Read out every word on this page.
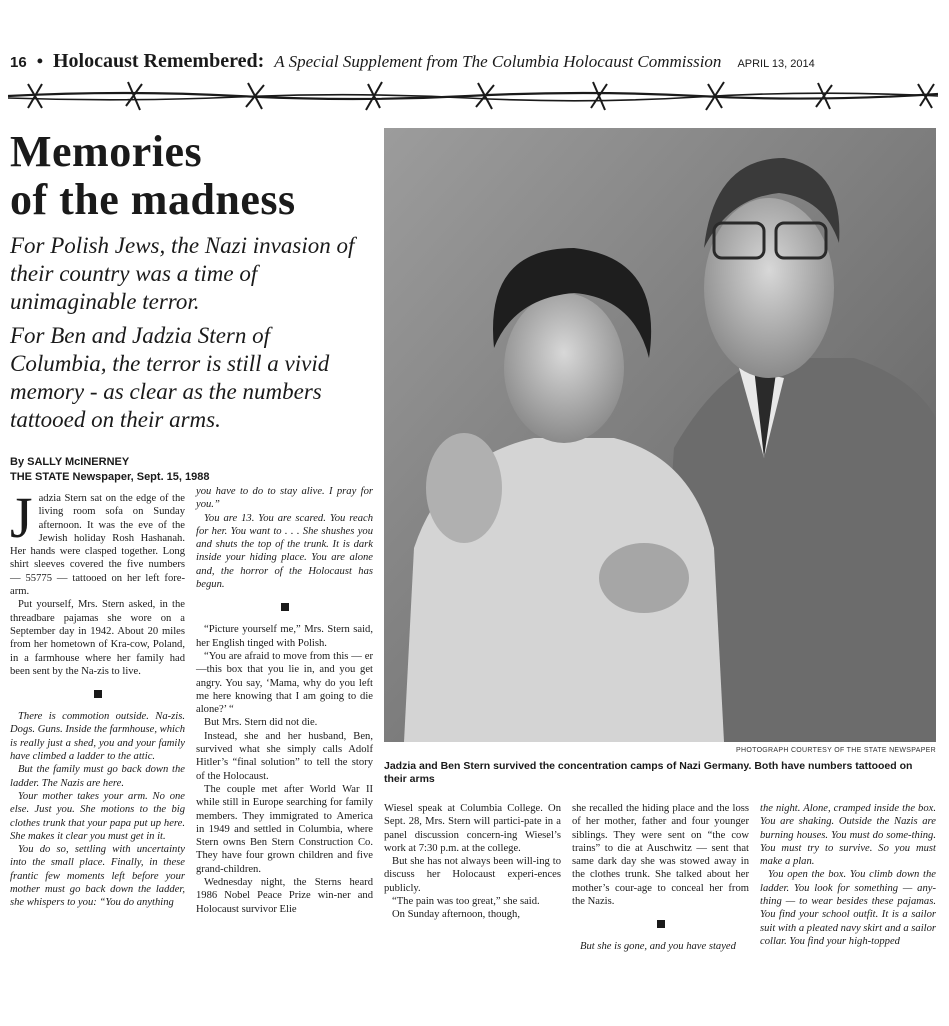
16 • Holocaust Remembered: A Special Supplement from The Columbia Holocaust Commission APRIL 13, 2014
Memories
of the madness
For Polish Jews, the Nazi invasion of their country was a time of unimaginable terror.
For Ben and Jadzia Stern of Columbia, the terror is still a vivid memory - as clear as the numbers tattooed on their arms.
By SALLY McINERNEY
THE STATE Newspaper, Sept. 15, 1988

Jadzia Stern sat on the edge of the living room sofa on Sunday afternoon. It was the eve of the Jewish holiday Rosh Hashanah. Her hands were clasped together. Long shirt sleeves covered the five numbers — 55775 — tattooed on her left fore-arm.

Put yourself, Mrs. Stern asked, in the threadbare pajamas she wore on a September day in 1942. About 20 miles from her hometown of Kra-cow, Poland, in a farmhouse where her family had been sent by the Na-zis to live.

There is commotion outside. Na-zis. Dogs. Guns. Inside the farmhouse, which is really just a shed, you and your family have climbed a ladder to the attic.

But the family must go back down the ladder. The Nazis are here.

Your mother takes your arm. No one else. Just you. She motions to the big clothes trunk that your papa put up here. She makes it clear you must get in it.

You do so, settling with uncertainty into the small place. Finally, in these frantic few moments left before your mother must go back down the ladder, she whispers to you: “You do anything

you have to do to stay alive. I pray for you.”

You are 13. You are scared. You reach for her. You want to . . . She shushes you and shuts the top of the trunk. It is dark inside your hiding place. You are alone and, the horror of the Holocaust has begun.

“Picture yourself me,” Mrs. Stern said, her English tinged with Polish.

“You are afraid to move from this — er —this box that you lie in, and you get angry. You say, ‘Mama, why do you left me here knowing that I am going to die alone?’ “

But Mrs. Stern did not die.

Instead, she and her husband, Ben, survived what she simply calls Adolf Hitler’s “final solution” to tell the story of the Holocaust.

The couple met after World War II while still in Europe searching for family members. They immigrated to America in 1949 and settled in Columbia, where Stern owns Ben Stern Construction Co. They have four grown children and five grand-children.

Wednesday night, the Sterns heard 1986 Nobel Peace Prize win-ner and Holocaust survivor Elie

PHOTOGRAPH COURTESY OF THE STATE NEWSPAPER
Jadzia and Ben Stern survived the concentration camps of Nazi Germany. Both have numbers tattooed on their arms

Wiesel speak at Columbia College. On Sept. 28, Mrs. Stern will partici-pate in a panel discussion concern-ing Wiesel’s work at 7:30 p.m. at the college.

But she has not always been will-ing to discuss her Holocaust experi-ences publicly.

“The pain was too great,” she said.

On Sunday afternoon, though,

she recalled the hiding place and the loss of her mother, father and four younger siblings. They were sent on “the cow trains” to die at Auschwitz — sent that same dark day she was stowed away in the clothes trunk. She talked about her mother’s cour-age to conceal her from the Nazis.

But she is gone, and you have stayed

the night. Alone, cramped inside the box. You are shaking. Outside the Nazis are burning houses. You must do some-thing. You must try to survive. So you must make a plan.

You open the box. You climb down the ladder. You look for something — any-thing — to wear besides these pajamas. You find your school outfit. It is a sailor suit with a pleated navy skirt and a sailor collar. You find your high-topped
